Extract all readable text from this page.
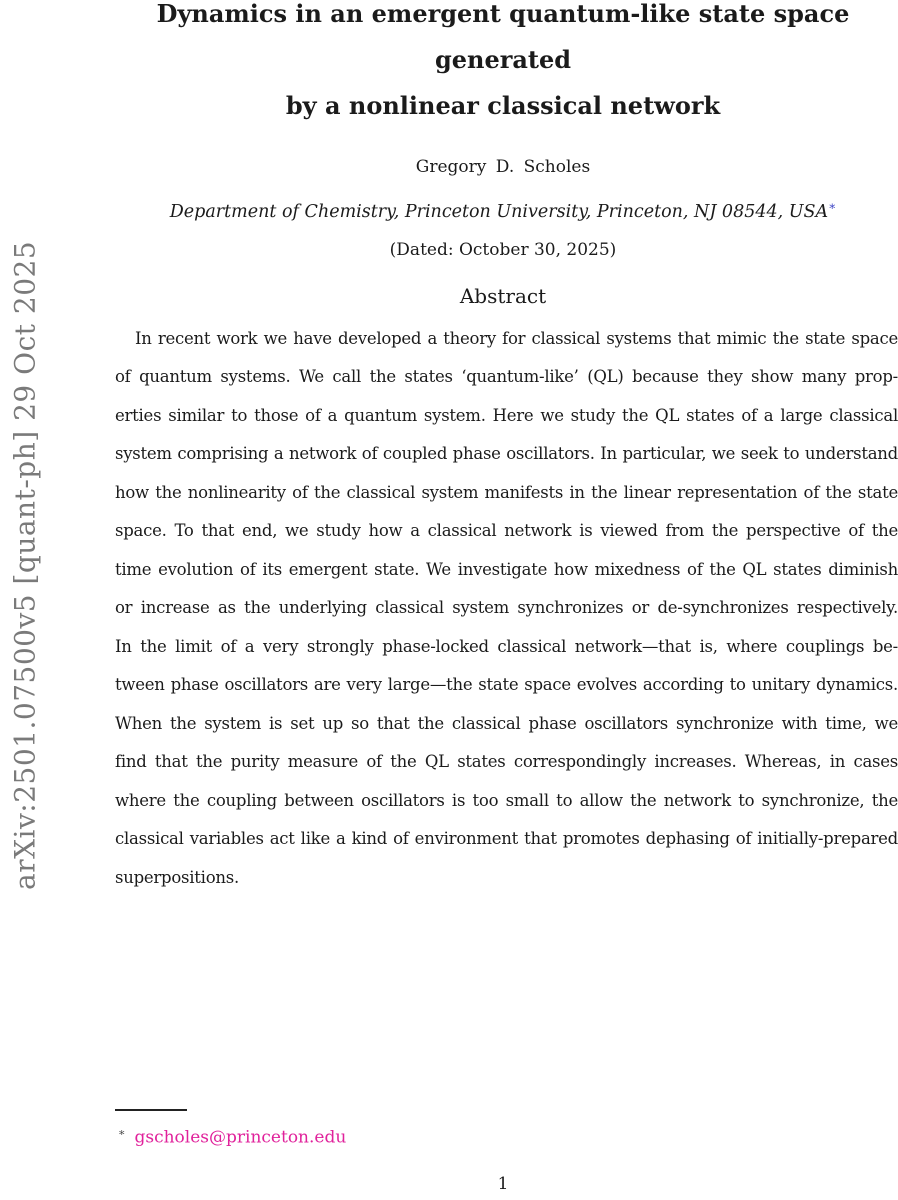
arXiv:2501.07500v5 [quant-ph] 29 Oct 2025
Dynamics in an emergent quantum-like state space generated
by a nonlinear classical network
Gregory D. Scholes
Department of Chemistry, Princeton University, Princeton, NJ 08544, USA∗
(Dated: October 30, 2025)
Abstract
In recent work we have developed a theory for classical systems that mimic the state space
of quantum systems. We call the states ‘quantum-like’ (QL) because they show many prop-
erties similar to those of a quantum system. Here we study the QL states of a large classical
system comprising a network of coupled phase oscillators. In particular, we seek to understand
how the nonlinearity of the classical system manifests in the linear representation of the state
space. To that end, we study how a classical network is viewed from the perspective of the
time evolution of its emergent state. We investigate how mixedness of the QL states diminish
or increase as the underlying classical system synchronizes or de-synchronizes respectively.
In the limit of a very strongly phase-locked classical network—that is, where couplings be-
tween phase oscillators are very large—the state space evolves according to unitary dynamics.
When the system is set up so that the classical phase oscillators synchronize with time, we
find that the purity measure of the QL states correspondingly increases. Whereas, in cases
where the coupling between oscillators is too small to allow the network to synchronize, the
classical variables act like a kind of environment that promotes dephasing of initially-prepared
superpositions.
∗ gscholes@princeton.edu
1
